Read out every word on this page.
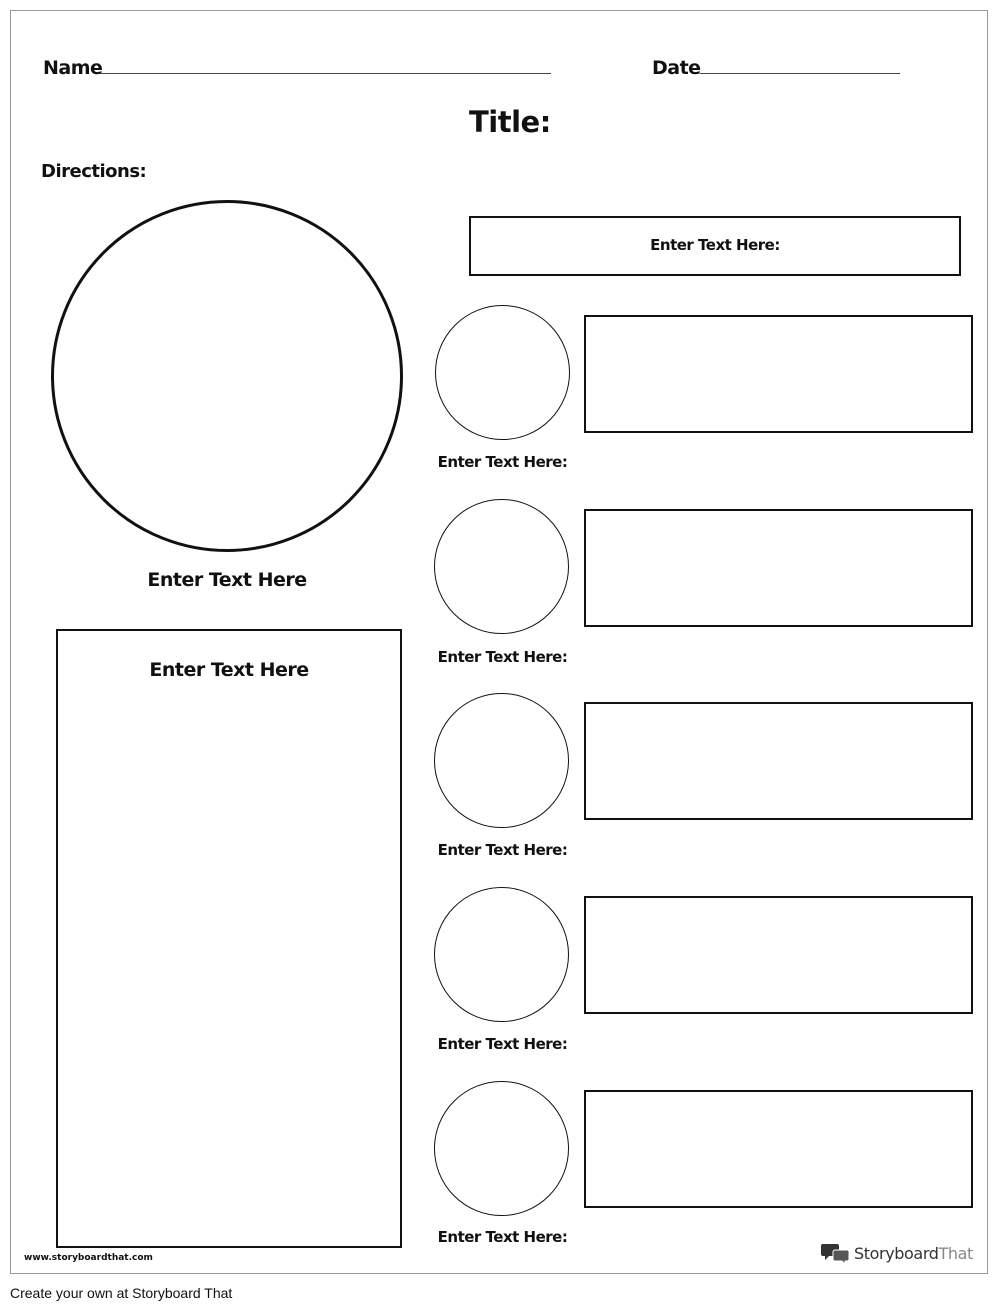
Name	Date
Title:
Directions:
Enter Text Here
Enter Text Here
Enter Text Here:
Enter Text Here:
Enter Text Here:
Enter Text Here:
Enter Text Here:
Enter Text Here:
www.storyboardthat.com	Storyboard That
Create your own at Storyboard That
